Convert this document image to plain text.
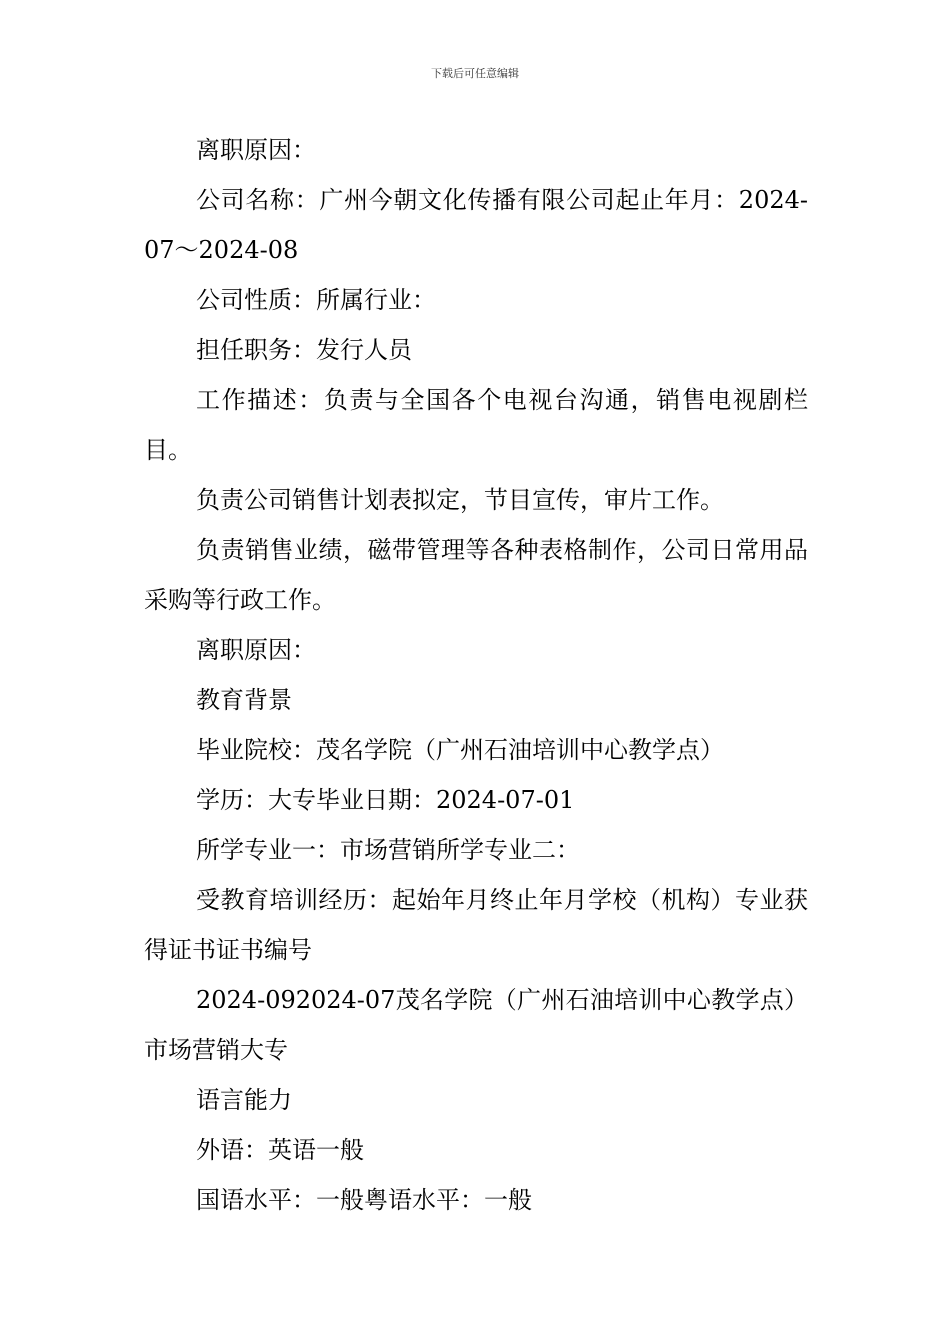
下载后可任意编辑

离职原因：

公司名称：广州今朝文化传播有限公司起止年月：2024-07～2024-08

公司性质：所属行业：

担任职务：发行人员

工作描述：负责与全国各个电视台沟通，销售电视剧栏目。

负责公司销售计划表拟定，节目宣传，审片工作。

负责销售业绩，磁带管理等各种表格制作，公司日常用品采购等行政工作。

离职原因：

教育背景

毕业院校：茂名学院（广州石油培训中心教学点）

学历：大专毕业日期：2024-07-01

所学专业一：市场营销所学专业二：

受教育培训经历：起始年月终止年月学校（机构）专业获得证书证书编号

2024-092024-07茂名学院（广州石油培训中心教学点）市场营销大专

语言能力

外语：英语一般

国语水平：一般粤语水平：一般
